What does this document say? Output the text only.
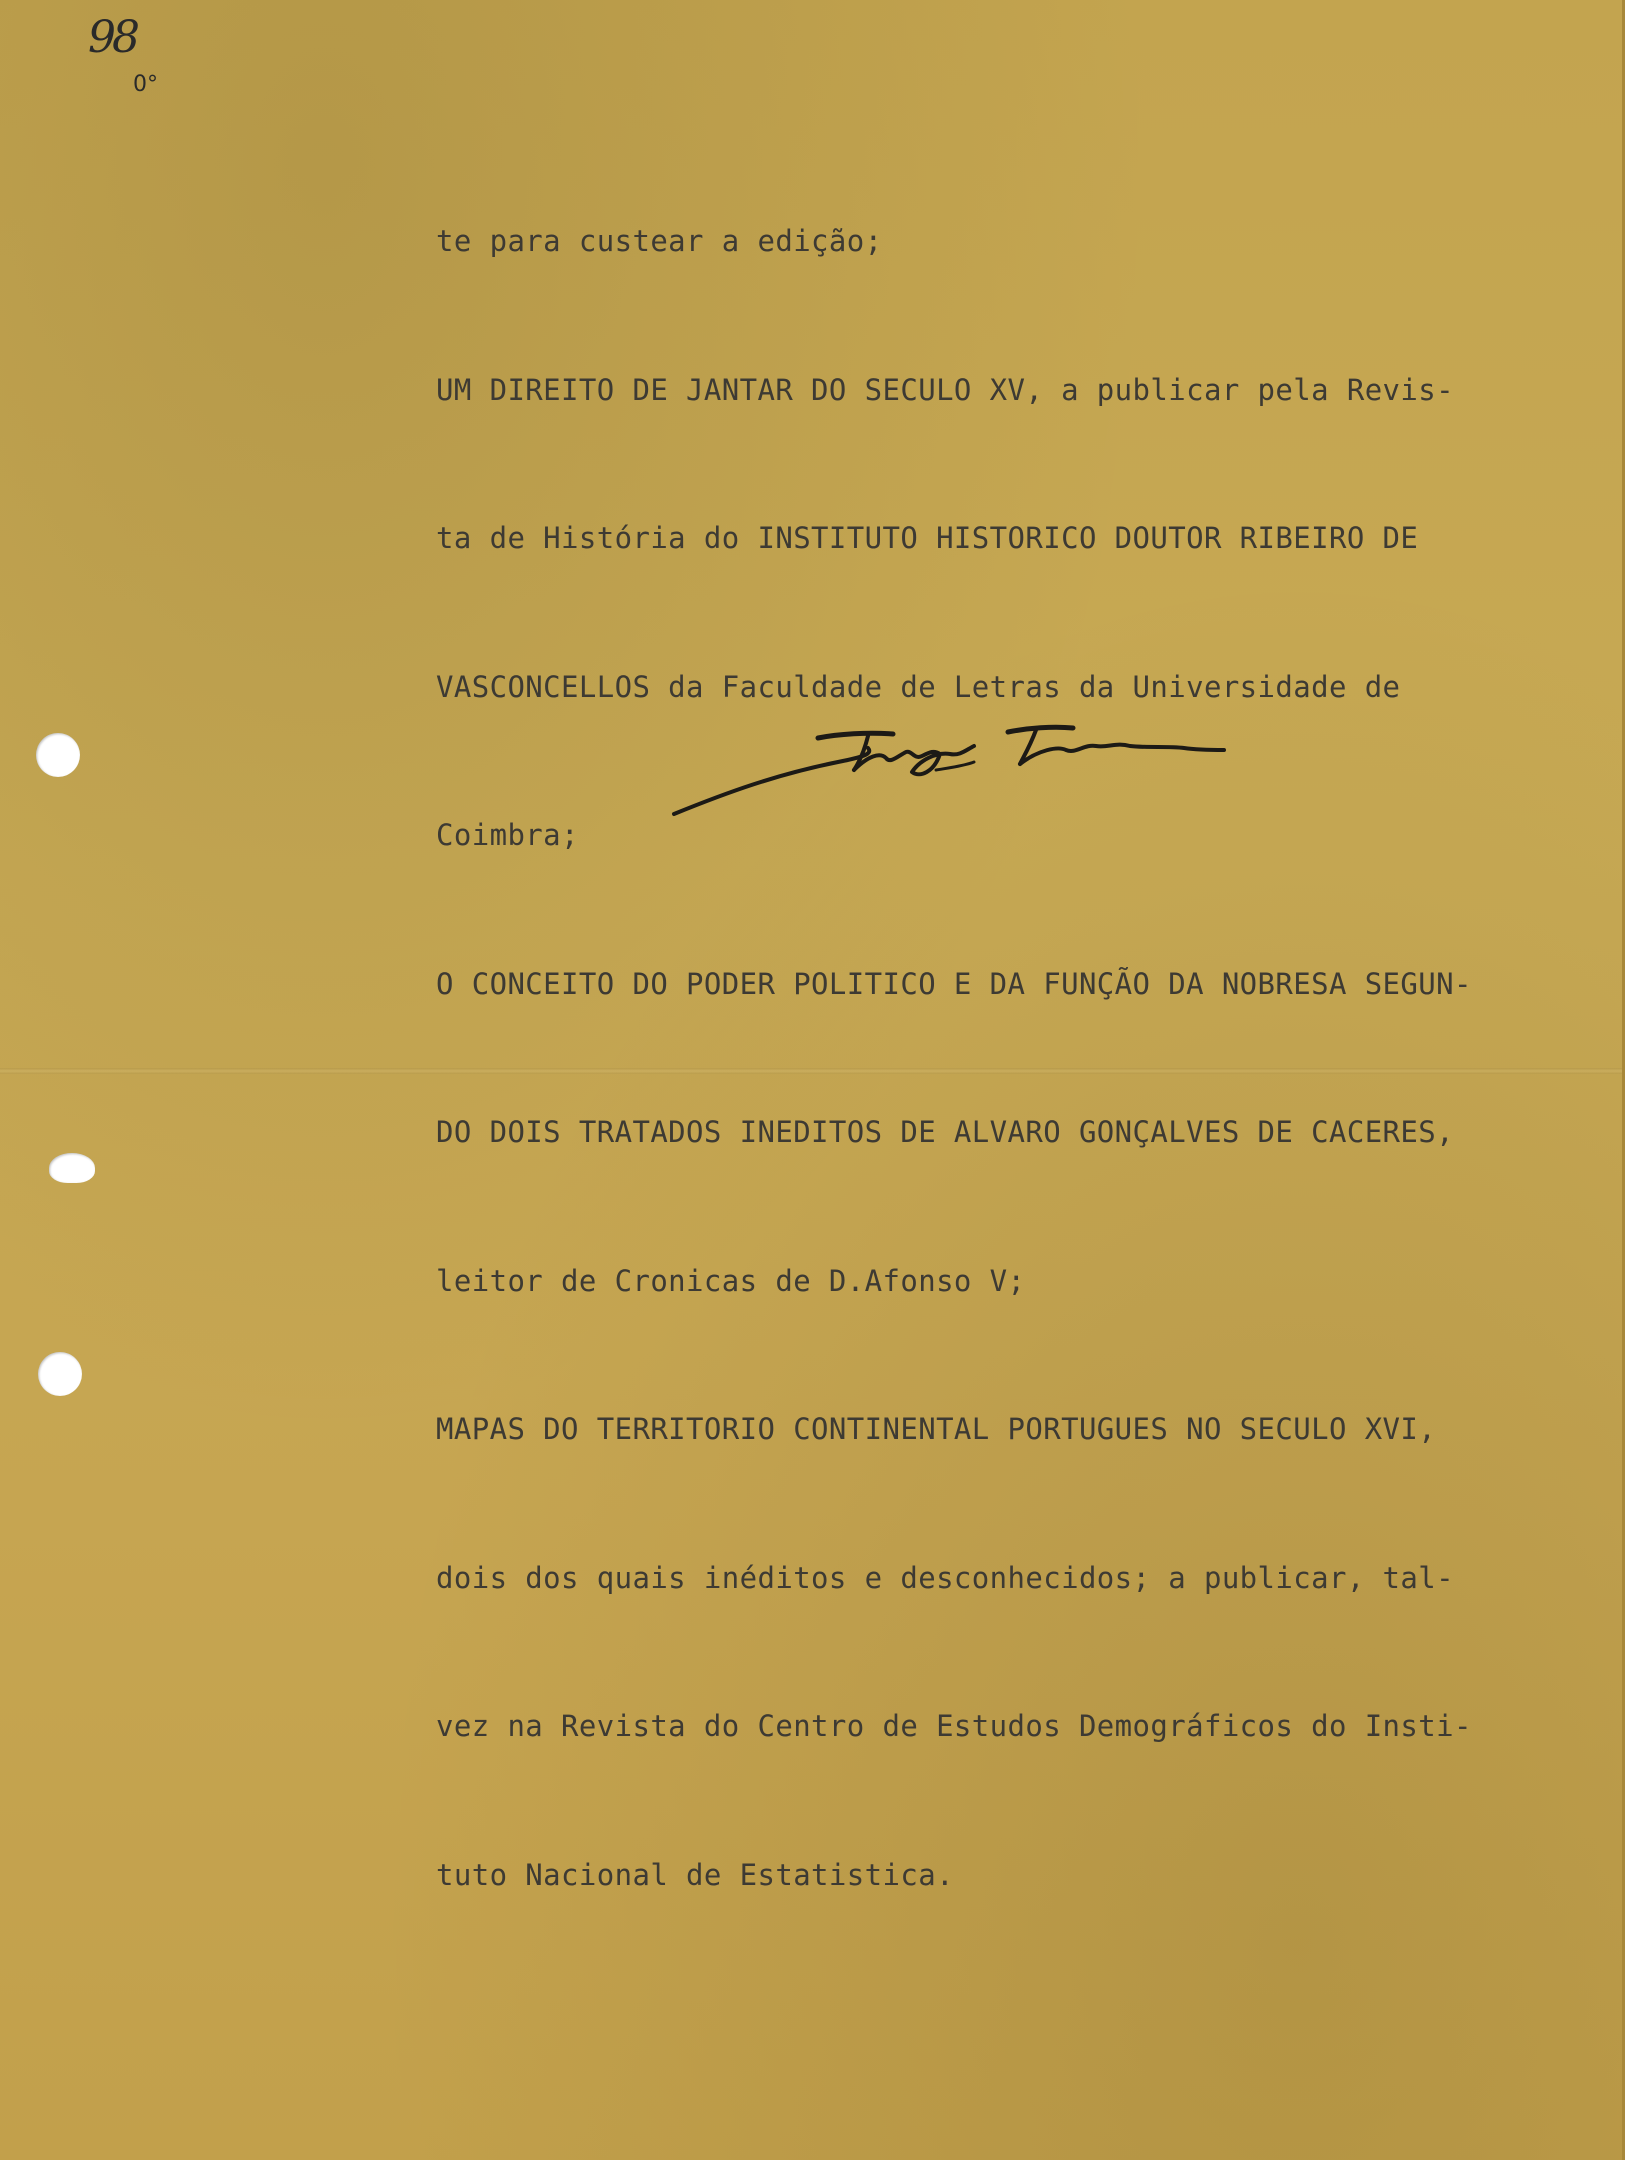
98
0°

te para custear a edição;

UM DIREITO DE JANTAR DO SECULO XV, a publicar pela Revis-

ta de História do INSTITUTO HISTORICO DOUTOR RIBEIRO DE

VASCONCELLOS da Faculdade de Letras da Universidade de

Coimbra;

O CONCEITO DO PODER POLITICO E DA FUNÇÃO DA NOBRESA SEGUN-

DO DOIS TRATADOS INEDITOS DE ALVARO GONÇALVES DE CACERES,

leitor de Cronicas de D.Afonso V;

MAPAS DO TERRITORIO CONTINENTAL PORTUGUES NO SECULO XVI,

dois dos quais inéditos e desconhecidos; a publicar, tal-

vez na Revista do Centro de Estudos Demográficos do Insti-

tuto Nacional de Estatistica.
